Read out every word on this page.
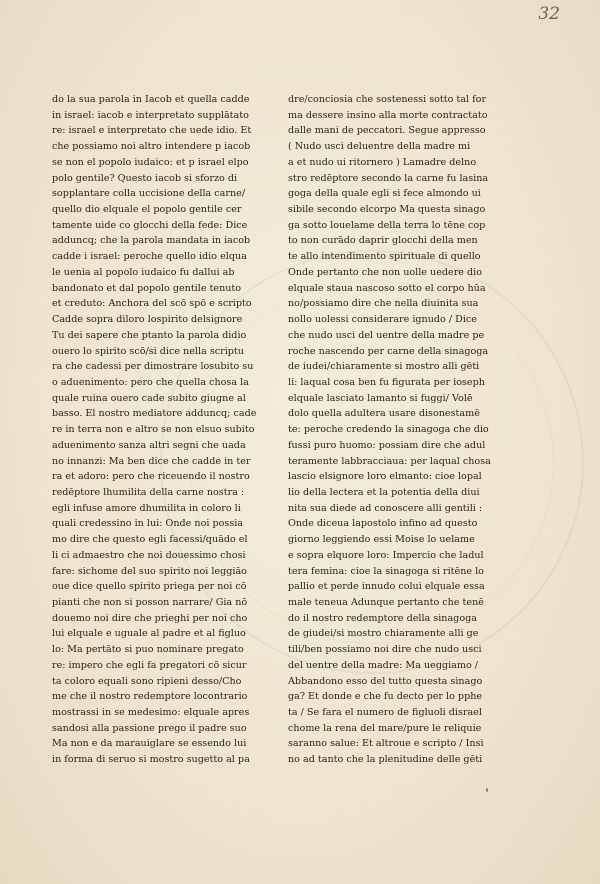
32
do la sua parola in Iacob et quella cadde
in israel: iacob e interpretato supplātato
re: israel e interpretato che uede idio. Et
che possiamo noi altro intendere p iacob
se non el popolo iudaico: et p israel elpo
polo gentile? Questo iacob si sforzo di
sopplantare colla uccisione della carne/
quello dio elquale el popolo gentile cer
tamente uide co glocchi della fede: Dice
adduncq; che la parola mandata in iacob
cadde i israel: peroche quello idio elqua
le uenia al popolo iudaico fu dallui ab
bandonato et dal popolo gentile tenuto
et creduto: Anchora del scō spō e scripto
Cadde sopra diloro lospirito delsignore
Tu dei sapere che ptanto la parola didio
ouero lo spirito scō/si dice nella scriptu
ra che cadessi per dimostrare losubito su
o aduenimento: pero che quella chosa la
quale ruina ouero cade subito giugne al
basso. El nostro mediatore adduncq; cade
re in terra non e altro se non elsuo subito
aduenimento sanza altri segni che uada
no innanzi: Ma ben dice che cadde in ter
ra et adoro: pero che riceuendo il nostro
redēptore lhumilita della carne nostra :
egli infuse amore dhumilita in coloro li
quali credessino in lui: Onde noi possia
mo dire che questo egli facessi/quādo el
li ci admaestro che noi douessimo chosi
fare: sichome del suo spirito noi leggiāo
oue dice quello spirito priega per noi cō
pianti che non si posson narrare/ Gia nō
douemo noi dire che prieghi per noi cho
lui elquale e uguale al padre et al figluo
lo: Ma pertāto si puo nominare pregato
re: impero che egli fa pregatori cō sicur
ta coloro equali sono ripieni desso/Cho
me che il nostro redemptore locontrario
mostrassi in se medesimo: elquale apres
sandosi alla passione prego il padre suo
Ma non e da marauiglare se essendo lui
in forma di seruo si mostro sugetto al pa
dre/conciosia che sostenessi sotto tal for
ma dessere insino alla morte contractato
dalle mani de peccatori. Segue appresso
( Nudo usci deluentre della madre mi
a et nudo ui ritornero ) Lamadre delno
stro redēptore secondo la carne fu lasina
goga della quale egli si fece almondo ui
sibile secondo elcorpo Ma questa sinago
ga sotto louelame della terra lo tēne cop
to non curādo daprir glocchi della men
te allo intendimento spirituale di quello
Onde pertanto che non uolle uedere dio
elquale staua nascoso sotto el corpo hūa
no/possiamo dire che nella diuinita sua
nollo uolessi considerare ignudo / Dice
che nudo usci del uentre della madre pe
roche nascendo per carne della sinagoga
de iudei/chiaramente si mostro alli gēti
li: laqual cosa ben fu figurata per ioseph
elquale lasciato lamanto si fuggi/ Volē
dolo quella adultera usare disonestamē
te: peroche credendo la sinagoga che dio
fussi puro huomo: possiam dire che adul
teramente labbracciaua: per laqual chosa
lascio elsignore loro elmanto: cioe lopal
lio della lectera et la potentia della diui
nita sua diede ad conoscere alli gentili :
Onde diceua lapostolo infino ad questo
giorno leggiendo essi Moise lo uelame
e sopra elquore loro: Impercio che ladul
tera femina: cioe la sinagoga si ritēne lo
pallio et perde innudo colui elquale essa
male teneua Adunque pertanto che tenē
do il nostro redemptore della sinagoga
de giudei/si mostro chiaramente alli ge
tili/ben possiamo noi dire che nudo usci
del uentre della madre: Ma ueggiamo /
Abbandono esso del tutto questa sinago
ga? Et donde e che fu decto per lo pphe
ta / Se fara el numero de figluoli disrael
chome la rena del mare/pure le reliquie
saranno salue: Et altroue e scripto / Insi
no ad tanto che la plenitudine delle gēti
